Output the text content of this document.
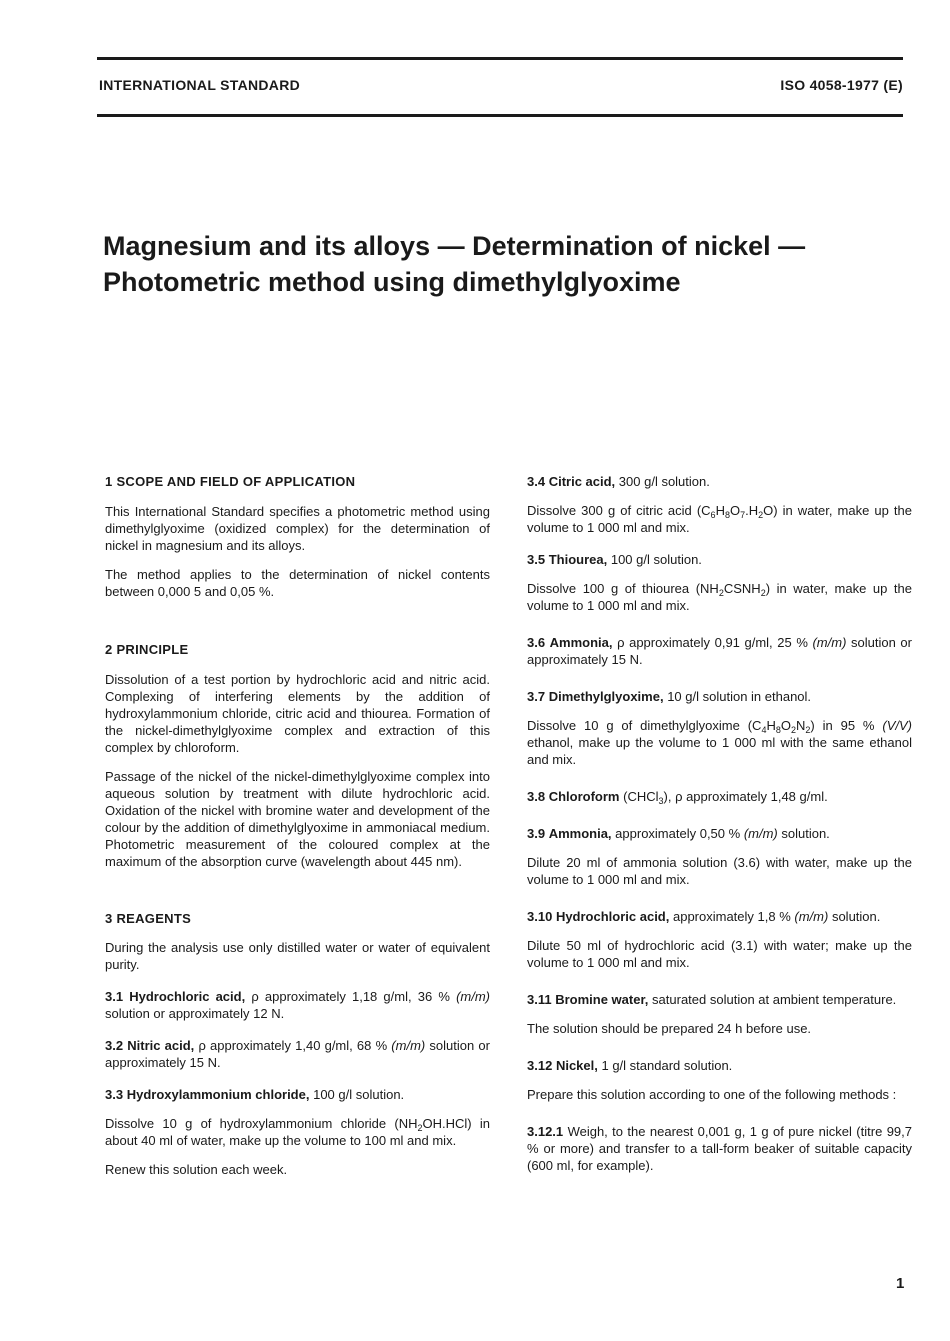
INTERNATIONAL STANDARD	ISO 4058-1977 (E)
Magnesium and its alloys — Determination of nickel —
Photometric method using dimethylglyoxime

1 SCOPE AND FIELD OF APPLICATION

This International Standard specifies a photometric method using dimethylglyoxime (oxidized complex) for the determination of nickel in magnesium and its alloys.

The method applies to the determination of nickel contents between 0,000 5 and 0,05 %.

2 PRINCIPLE

Dissolution of a test portion by hydrochloric acid and nitric acid. Complexing of interfering elements by the addition of hydroxylammonium chloride, citric acid and thiourea. Formation of the nickel-dimethylglyoxime complex and extraction of this complex by chloroform.

Passage of the nickel of the nickel-dimethylglyoxime complex into aqueous solution by treatment with dilute hydrochloric acid. Oxidation of the nickel with bromine water and development of the colour by the addition of dimethylglyoxime in ammoniacal medium. Photometric measurement of the coloured complex at the maximum of the absorption curve (wavelength about 445 nm).

3 REAGENTS

During the analysis use only distilled water or water of equivalent purity.

3.1 Hydrochloric acid, ρ approximately 1,18 g/ml, 36 % (m/m) solution or approximately 12 N.

3.2 Nitric acid, ρ approximately 1,40 g/ml, 68 % (m/m) solution or approximately 15 N.

3.3 Hydroxylammonium chloride, 100 g/l solution.

Dissolve 10 g of hydroxylammonium chloride $(NH_2OH.HCl)$ in about 40 ml of water, make up the volume to 100 ml and mix.

Renew this solution each week.

3.4 Citric acid, 300 g/l solution.

Dissolve 300 g of citric acid $(C_6H_8O_7.H_2O)$ in water, make up the volume to 1 000 ml and mix.

3.5 Thiourea, 100 g/l solution.

Dissolve 100 g of thiourea $(NH_2CSNH_2)$ in water, make up the volume to 1 000 ml and mix.

3.6 Ammonia, ρ approximately 0,91 g/ml, 25 % (m/m) solution or approximately 15 N.

3.7 Dimethylglyoxime, 10 g/l solution in ethanol.

Dissolve 10 g of dimethylglyoxime $(C_4H_8O_2N_2)$ in 95 % (V/V) ethanol, make up the volume to 1 000 ml with the same ethanol and mix.

3.8 Chloroform (CHCl$_3$), ρ approximately 1,48 g/ml.

3.9 Ammonia, approximately 0,50 % (m/m) solution.

Dilute 20 ml of ammonia solution (3.6) with water, make up the volume to 1 000 ml and mix.

3.10 Hydrochloric acid, approximately 1,8 % (m/m) solution.

Dilute 50 ml of hydrochloric acid (3.1) with water; make up the volume to 1 000 ml and mix.

3.11 Bromine water, saturated solution at ambient temperature.

The solution should be prepared 24 h before use.

3.12 Nickel, 1 g/l standard solution.

Prepare this solution according to one of the following methods :

3.12.1 Weigh, to the nearest 0,001 g, 1 g of pure nickel (titre 99,7 % or more) and transfer to a tall-form beaker of suitable capacity (600 ml, for example).

1
